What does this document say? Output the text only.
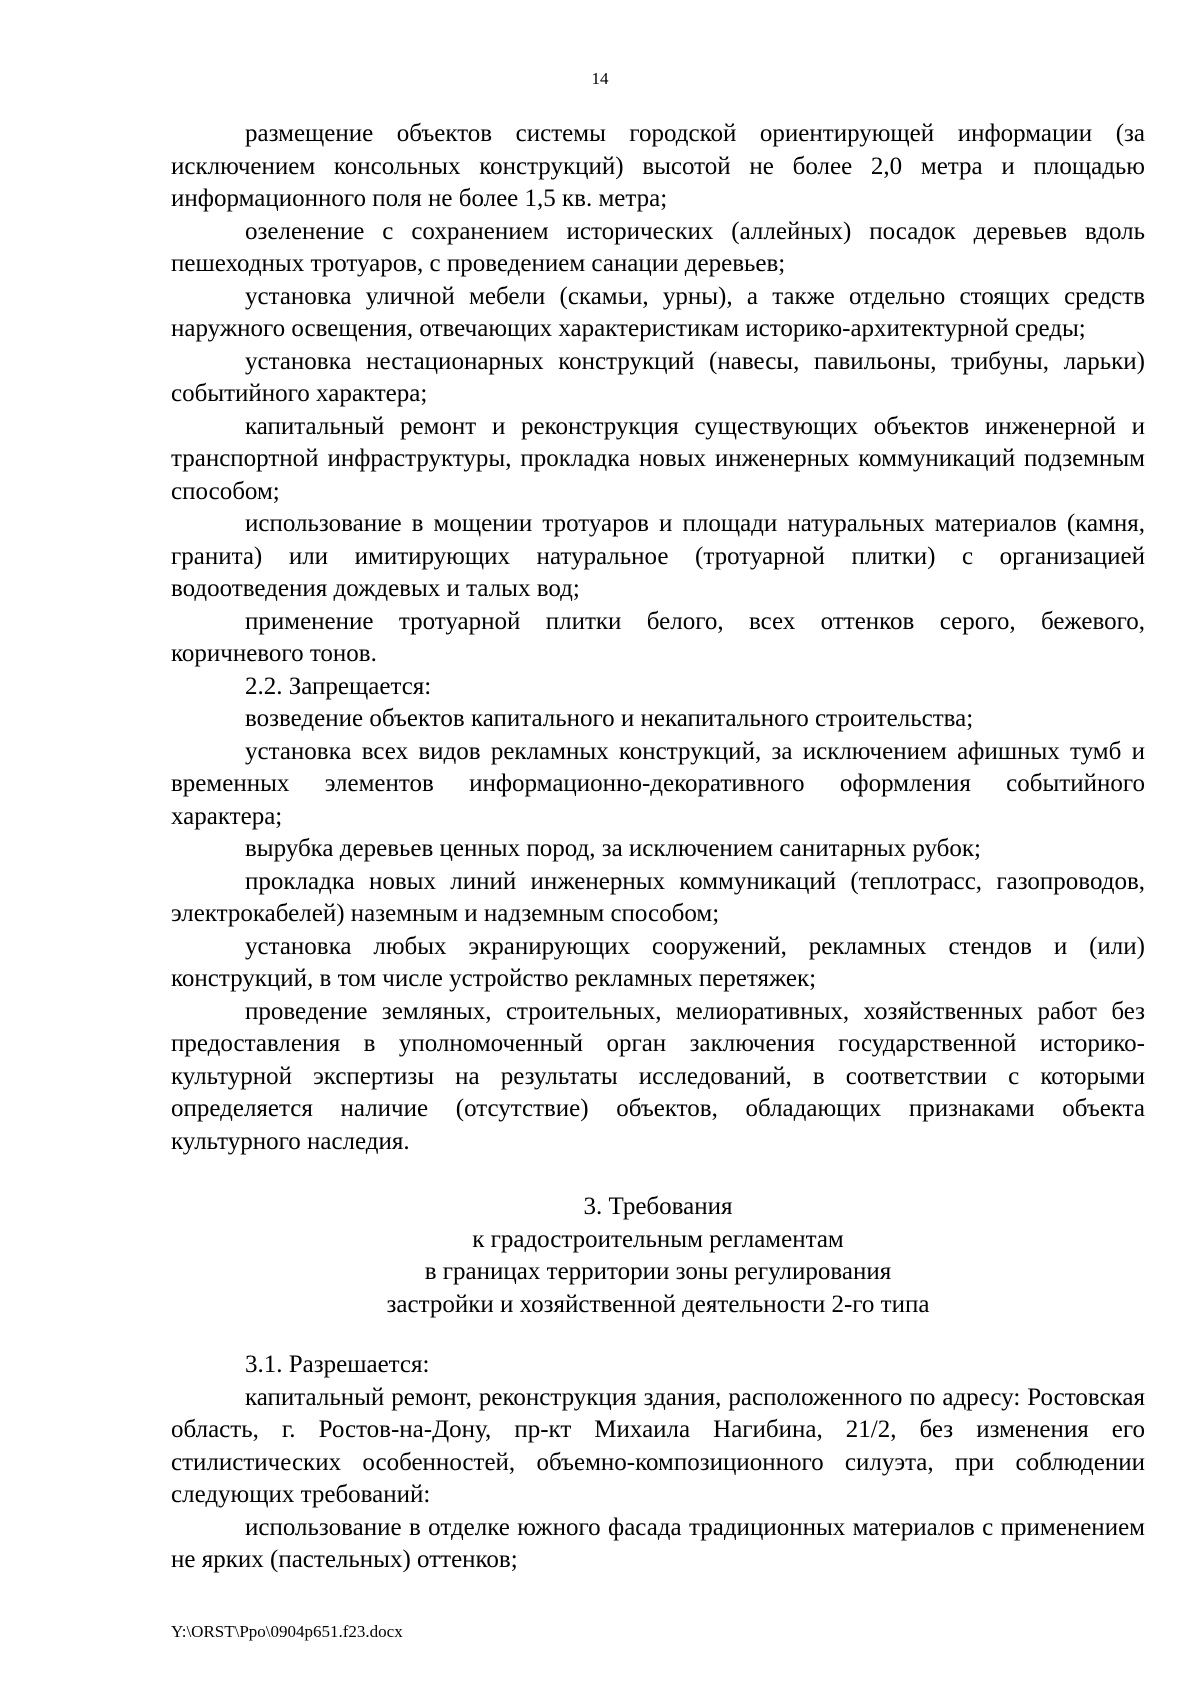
14

размещение объектов системы городской ориентирующей информации (за исключением консольных конструкций) высотой не более 2,0 метра и площадью информационного поля не более 1,5 кв. метра;

озеленение с сохранением исторических (аллейных) посадок деревьев вдоль пешеходных тротуаров, с проведением санации деревьев;

установка уличной мебели (скамьи, урны), а также отдельно стоящих средств наружного освещения, отвечающих характеристикам историко-архитектурной среды;

установка нестационарных конструкций (навесы, павильоны, трибуны, ларьки) событийного характера;

капитальный ремонт и реконструкция существующих объектов инженерной и транспортной инфраструктуры, прокладка новых инженерных коммуникаций подземным способом;

использование в мощении тротуаров и площади натуральных материалов (камня, гранита) или имитирующих натуральное (тротуарной плитки) с организацией водоотведения дождевых и талых вод;

применение тротуарной плитки белого, всех оттенков серого, бежевого, коричневого тонов.

2.2. Запрещается:

возведение объектов капитального и некапитального строительства;

установка всех видов рекламных конструкций, за исключением афишных тумб и временных элементов информационно-декоративного оформления событийного характера;

вырубка деревьев ценных пород, за исключением санитарных рубок;

прокладка новых линий инженерных коммуникаций (теплотрасс, газопроводов, электрокабелей) наземным и надземным способом;

установка любых экранирующих сооружений, рекламных стендов и (или) конструкций, в том числе устройство рекламных перетяжек;

проведение земляных, строительных, мелиоративных, хозяйственных работ без предоставления в уполномоченный орган заключения государственной историко-культурной экспертизы на результаты исследований, в соответствии с которыми определяется наличие (отсутствие) объектов, обладающих признаками объекта культурного наследия.

3. Требования
к градостроительным регламентам
в границах территории зоны регулирования
застройки и хозяйственной деятельности 2-го типа

3.1. Разрешается:

капитальный ремонт, реконструкция здания, расположенного по адресу: Ростовская область, г. Ростов-на-Дону, пр-кт Михаила Нагибина, 21/2, без изменения его стилистических особенностей, объемно-композиционного силуэта, при соблюдении следующих требований:

использование в отделке южного фасада традиционных материалов с применением не ярких (пастельных) оттенков;

Y:\ORST\Ppo\0904p651.f23.docx
